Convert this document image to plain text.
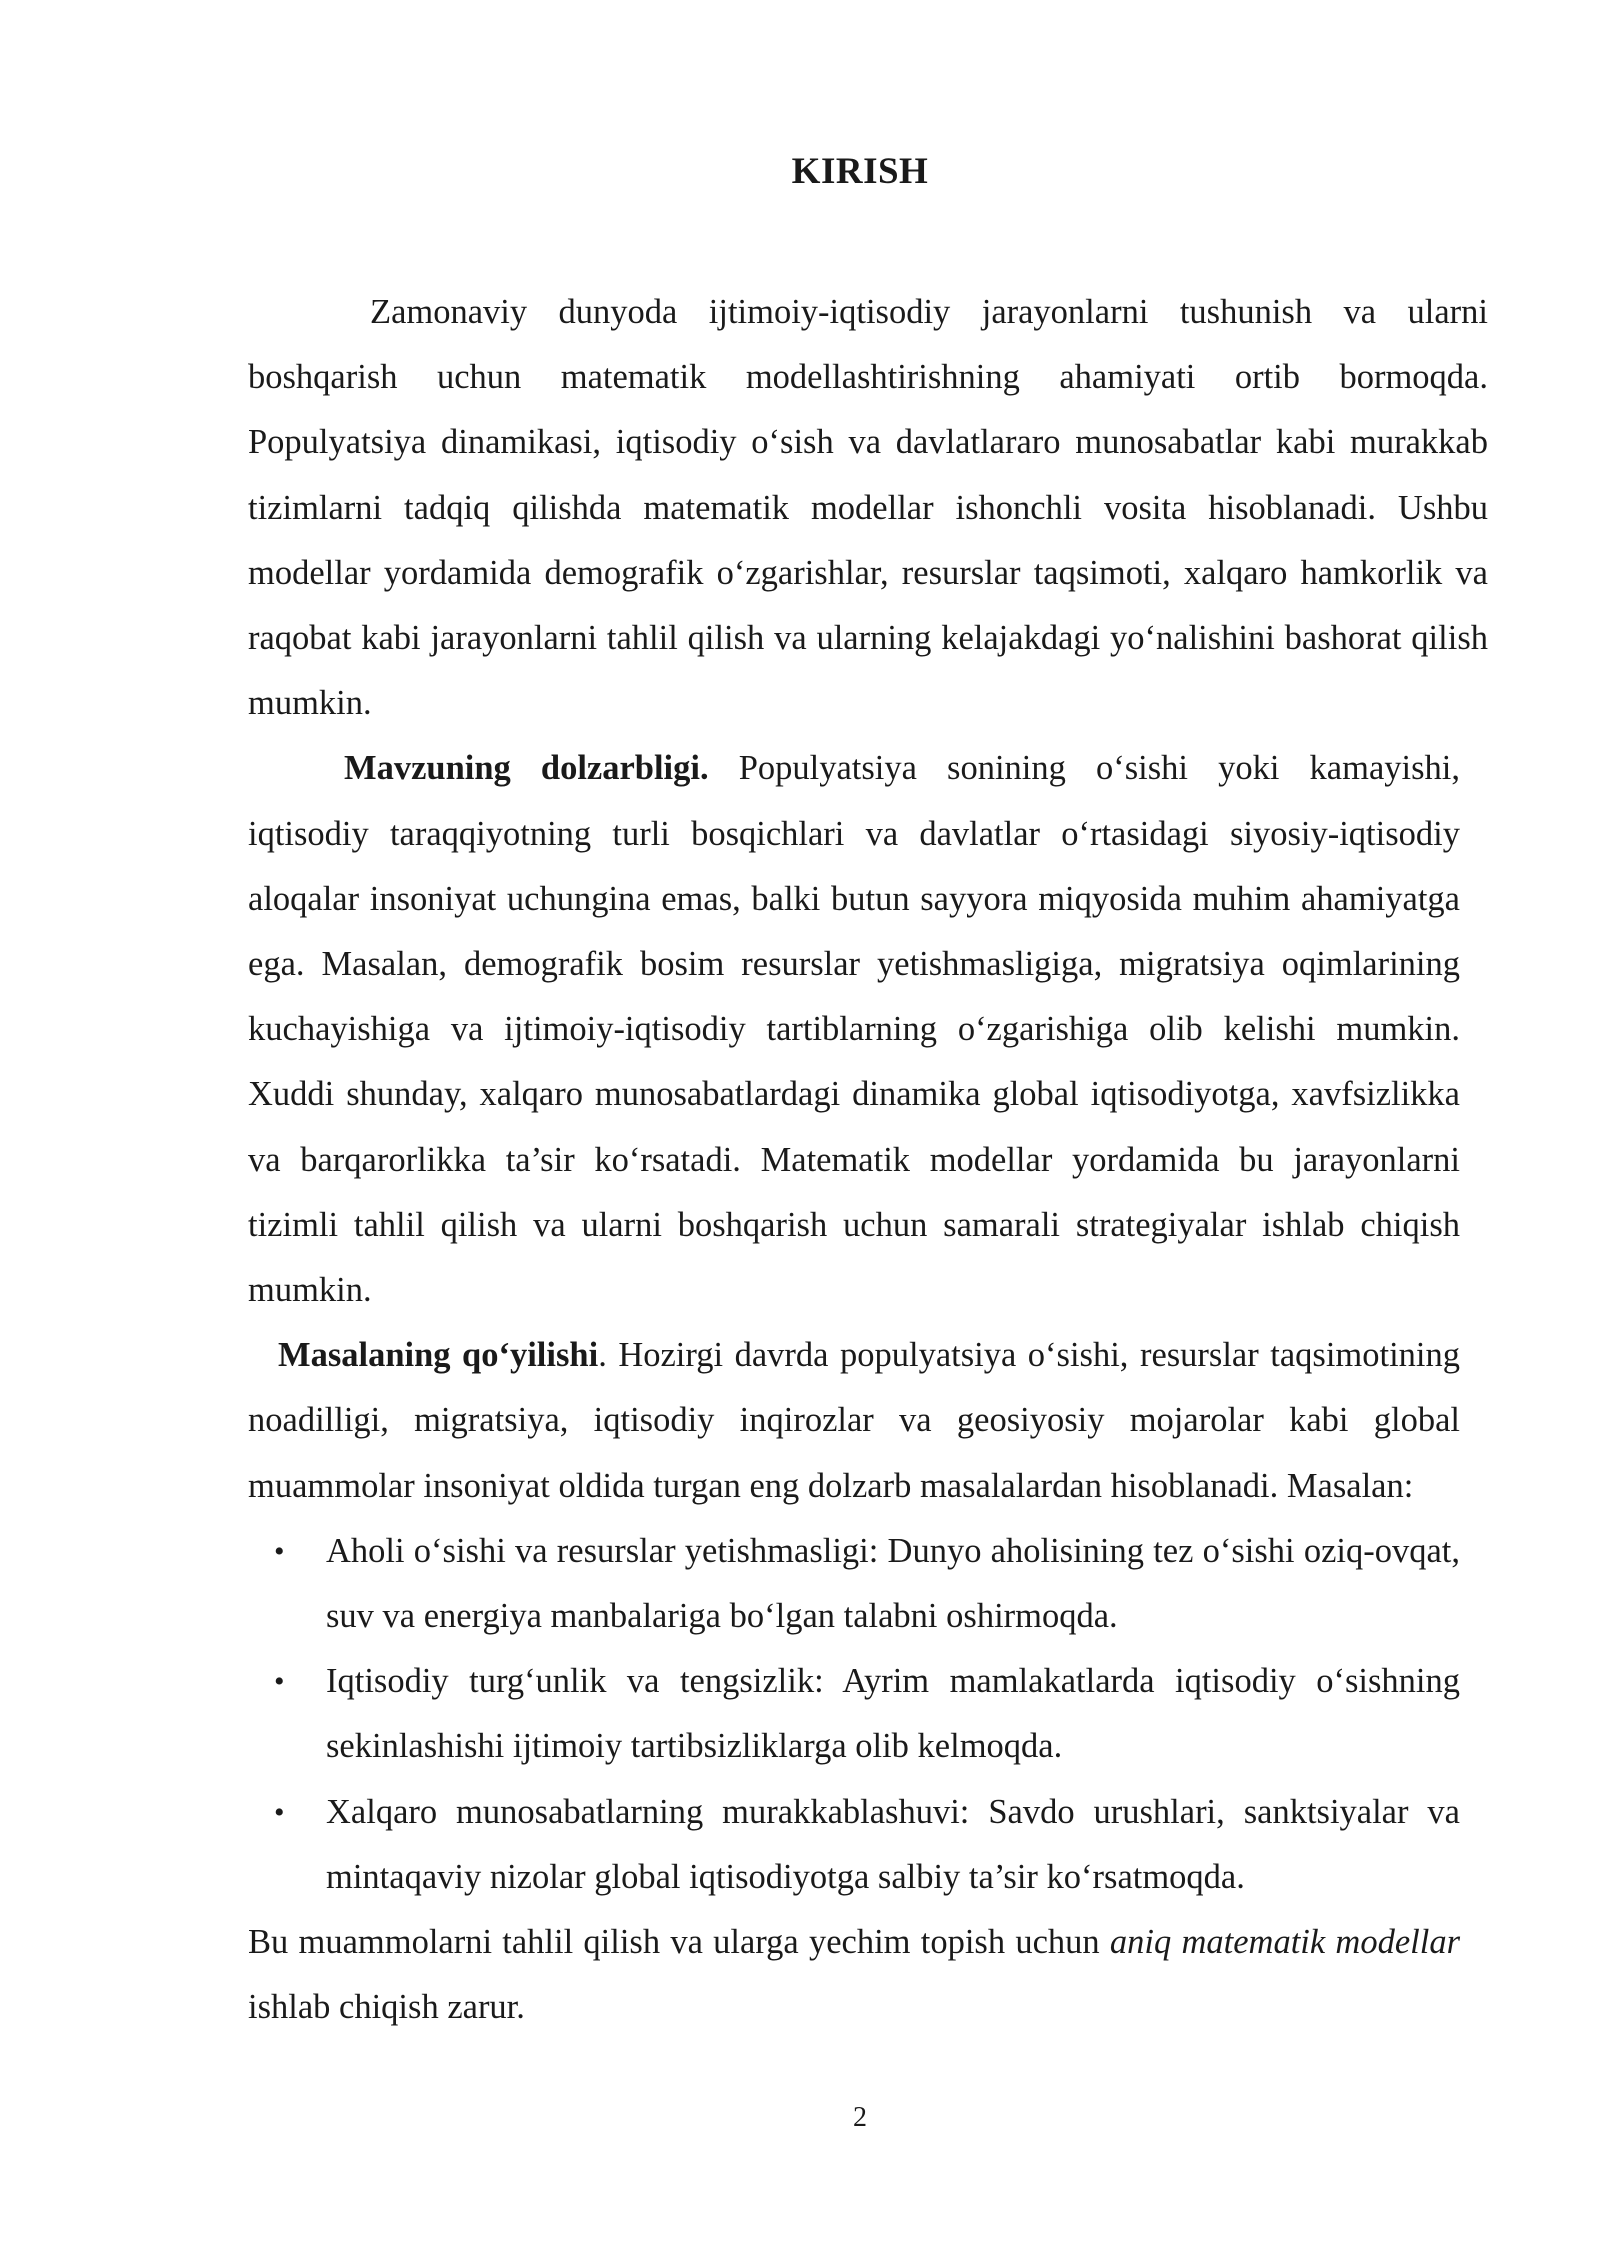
KIRISH

Zamonaviy dunyoda ijtimoiy-iqtisodiy jarayonlarni tushunish va ularni boshqarish uchun matematik modellashtirishning ahamiyati ortib bormoqda. Populyatsiya dinamikasi, iqtisodiy oʻsish va davlatlararo munosabatlar kabi murakkab tizimlarni tadqiq qilishda matematik modellar ishonchli vosita hisoblanadi. Ushbu modellar yordamida demografik oʻzgarishlar, resurslar taqsimoti, xalqaro hamkorlik va raqobat kabi jarayonlarni tahlil qilish va ularning kelajakdagi yoʻnalishini bashorat qilish mumkin.

Mavzuning dolzarbligi. Populyatsiya sonining oʻsishi yoki kamayishi, iqtisodiy taraqqiyotning turli bosqichlari va davlatlar oʻrtasidagi siyosiy-iqtisodiy aloqalar insoniyat uchungina emas, balki butun sayyora miqyosida muhim ahamiyatga ega. Masalan, demografik bosim resurslar yetishmasligiga, migratsiya oqimlarining kuchayishiga va ijtimoiy-iqtisodiy tartiblarning oʻzgarishiga olib kelishi mumkin. Xuddi shunday, xalqaro munosabatlardagi dinamika global iqtisodiyotga, xavfsizlikka va barqarorlikka ta’sir koʻrsatadi. Matematik modellar yordamida bu jarayonlarni tizimli tahlil qilish va ularni boshqarish uchun samarali strategiyalar ishlab chiqish mumkin.

Masalaning qoʻyilishi. Hozirgi davrda populyatsiya oʻsishi, resurslar taqsimotining noadilligi, migratsiya, iqtisodiy inqirozlar va geosiyosiy mojarolar kabi global muammolar insoniyat oldida turgan eng dolzarb masalalardan hisoblanadi. Masalan:

• Aholi oʻsishi va resurslar yetishmasligi: Dunyo aholisining tez oʻsishi oziq-ovqat, suv va energiya manbalariga boʻlgan talabni oshirmoqda.
• Iqtisodiy turgʻunlik va tengsizlik: Ayrim mamlakatlarda iqtisodiy oʻsishning sekinlashishi ijtimoiy tartibsizliklarga olib kelmoqda.
• Xalqaro munosabatlarning murakkablashuvi: Savdo urushlari, sanktsiyalar va mintaqaviy nizolar global iqtisodiyotga salbiy ta’sir koʻrsatmoqda.

Bu muammolarni tahlil qilish va ularga yechim topish uchun aniq matematik modellar ishlab chiqish zarur.

2
